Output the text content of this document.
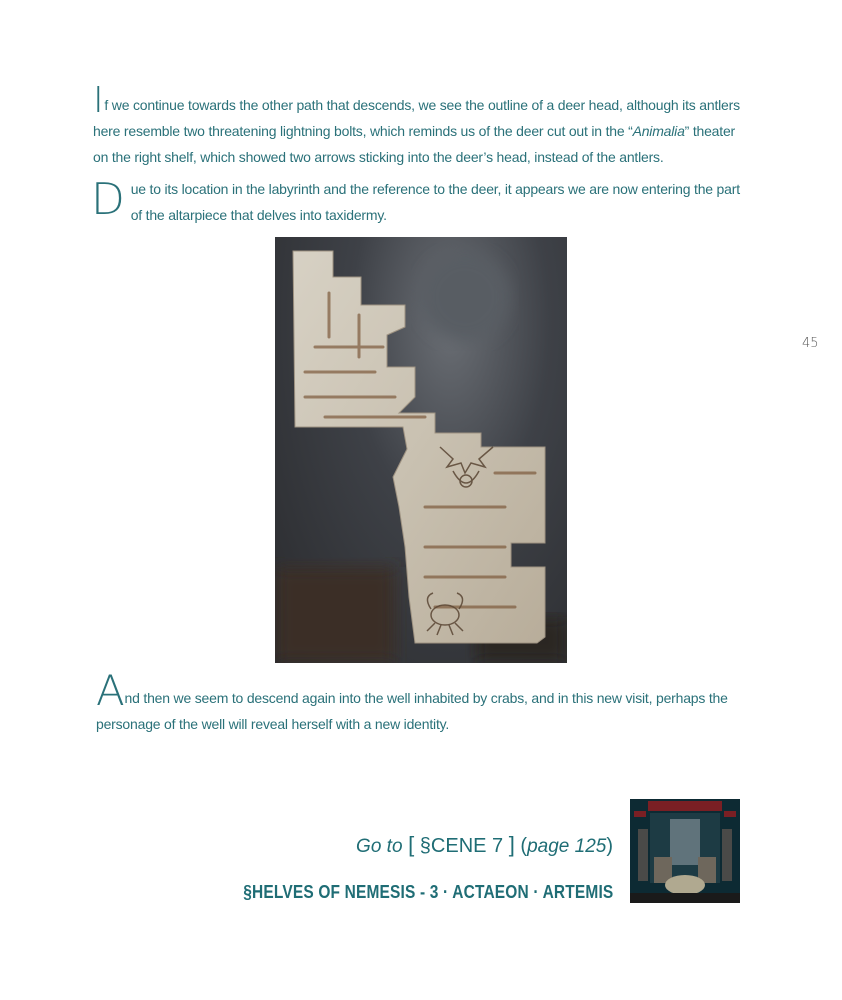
If we continue towards the other path that descends, we see the outline of a deer head, although its antlers here resemble two threatening lightning bolts, which reminds us of the deer cut out in the “Animalia” theater on the right shelf, which showed two arrows sticking into the deer’s head, instead of the antlers.
Due to its location in the labyrinth and the reference to the deer, it appears we are now entering the part of the altarpiece that delves into taxidermy.
45
And then we seem to descend again into the well inhabited by crabs, and in this new visit, perhaps the personage of the well will reveal herself with a new identity.
Go to [ §CENE 7 ] (page 125)
§HELVES OF NEMESIS - 3 · ACTAEON · ARTEMIS
